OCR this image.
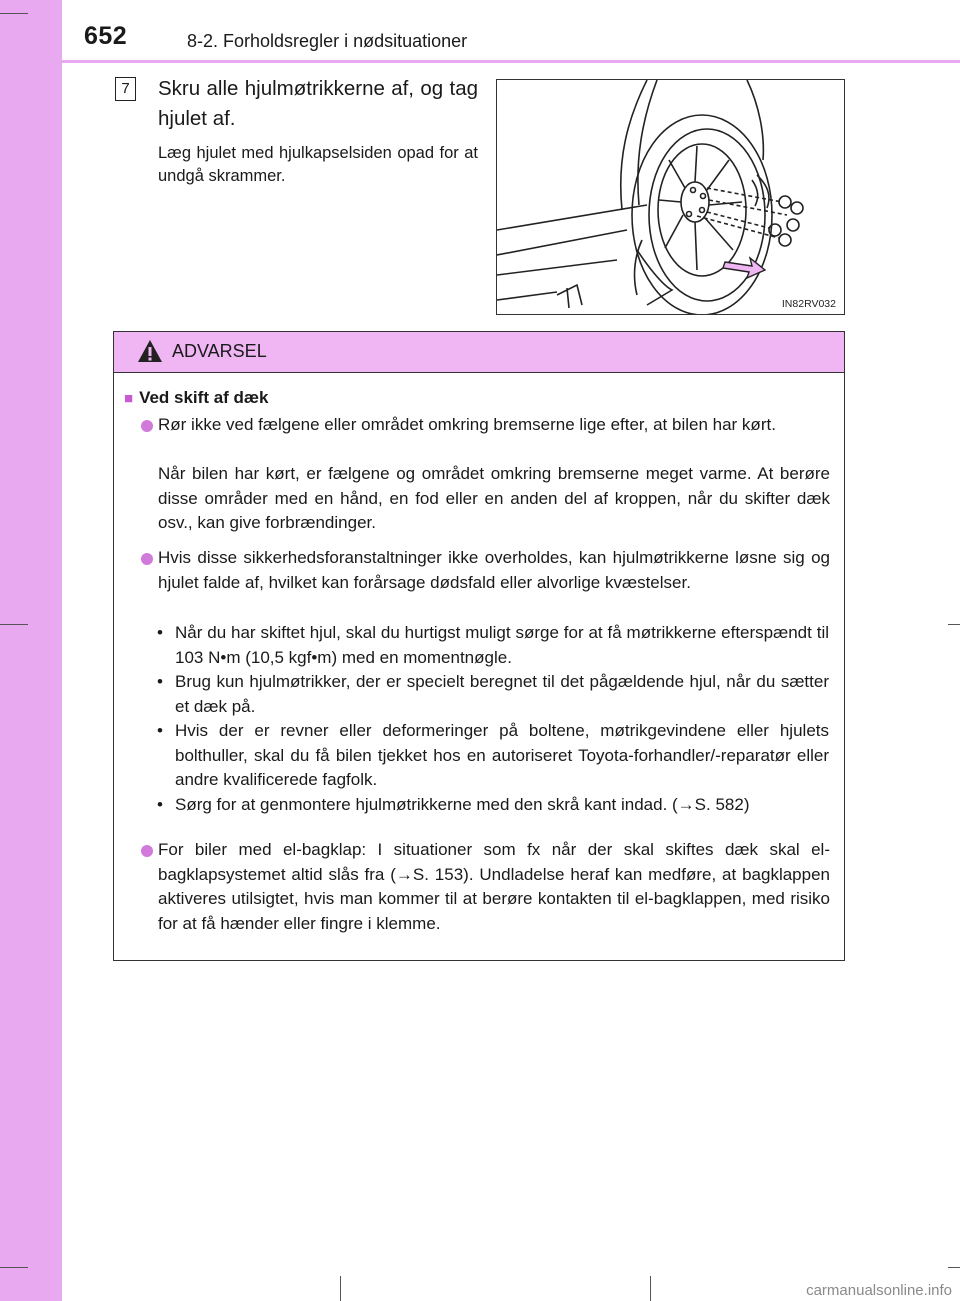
652	8-2. Forholdsregler i nødsituationer
7	Skru alle hjulmøtrikkerne af, og tag hjulet af.
Læg hjulet med hjulkapselsiden opad for at undgå skrammer.
IN82RV032
ADVARSEL
■ Ved skift af dæk
Rør ikke ved fælgene eller området omkring bremserne lige efter, at bilen har kørt.
Når bilen har kørt, er fælgene og området omkring bremserne meget varme. At berøre disse områder med en hånd, en fod eller en anden del af kroppen, når du skifter dæk osv., kan give forbrændinger.
Hvis disse sikkerhedsforanstaltninger ikke overholdes, kan hjulmøtrikkerne løsne sig og hjulet falde af, hvilket kan forårsage dødsfald eller alvorlige kvæstelser.
• Når du har skiftet hjul, skal du hurtigst muligt sørge for at få møtrikkerne efterspændt til 103 N•m (10,5 kgf•m) med en momentnøgle.
• Brug kun hjulmøtrikker, der er specielt beregnet til det pågældende hjul, når du sætter et dæk på.
• Hvis der er revner eller deformeringer på boltene, møtrikgevindene eller hjulets bolthuller, skal du få bilen tjekket hos en autoriseret Toyota-forhandler/-reparatør eller andre kvalificerede fagfolk.
• Sørg for at genmontere hjulmøtrikkerne med den skrå kant indad. (→S. 582)
For biler med el-bagklap: I situationer som fx når der skal skiftes dæk skal el-bagklapsystemet altid slås fra (→S. 153). Undladelse heraf kan medføre, at bagklappen aktiveres utilsigtet, hvis man kommer til at berøre kontakten til el-bagklappen, med risiko for at få hænder eller fingre i klemme.
carmanualsonline.info
